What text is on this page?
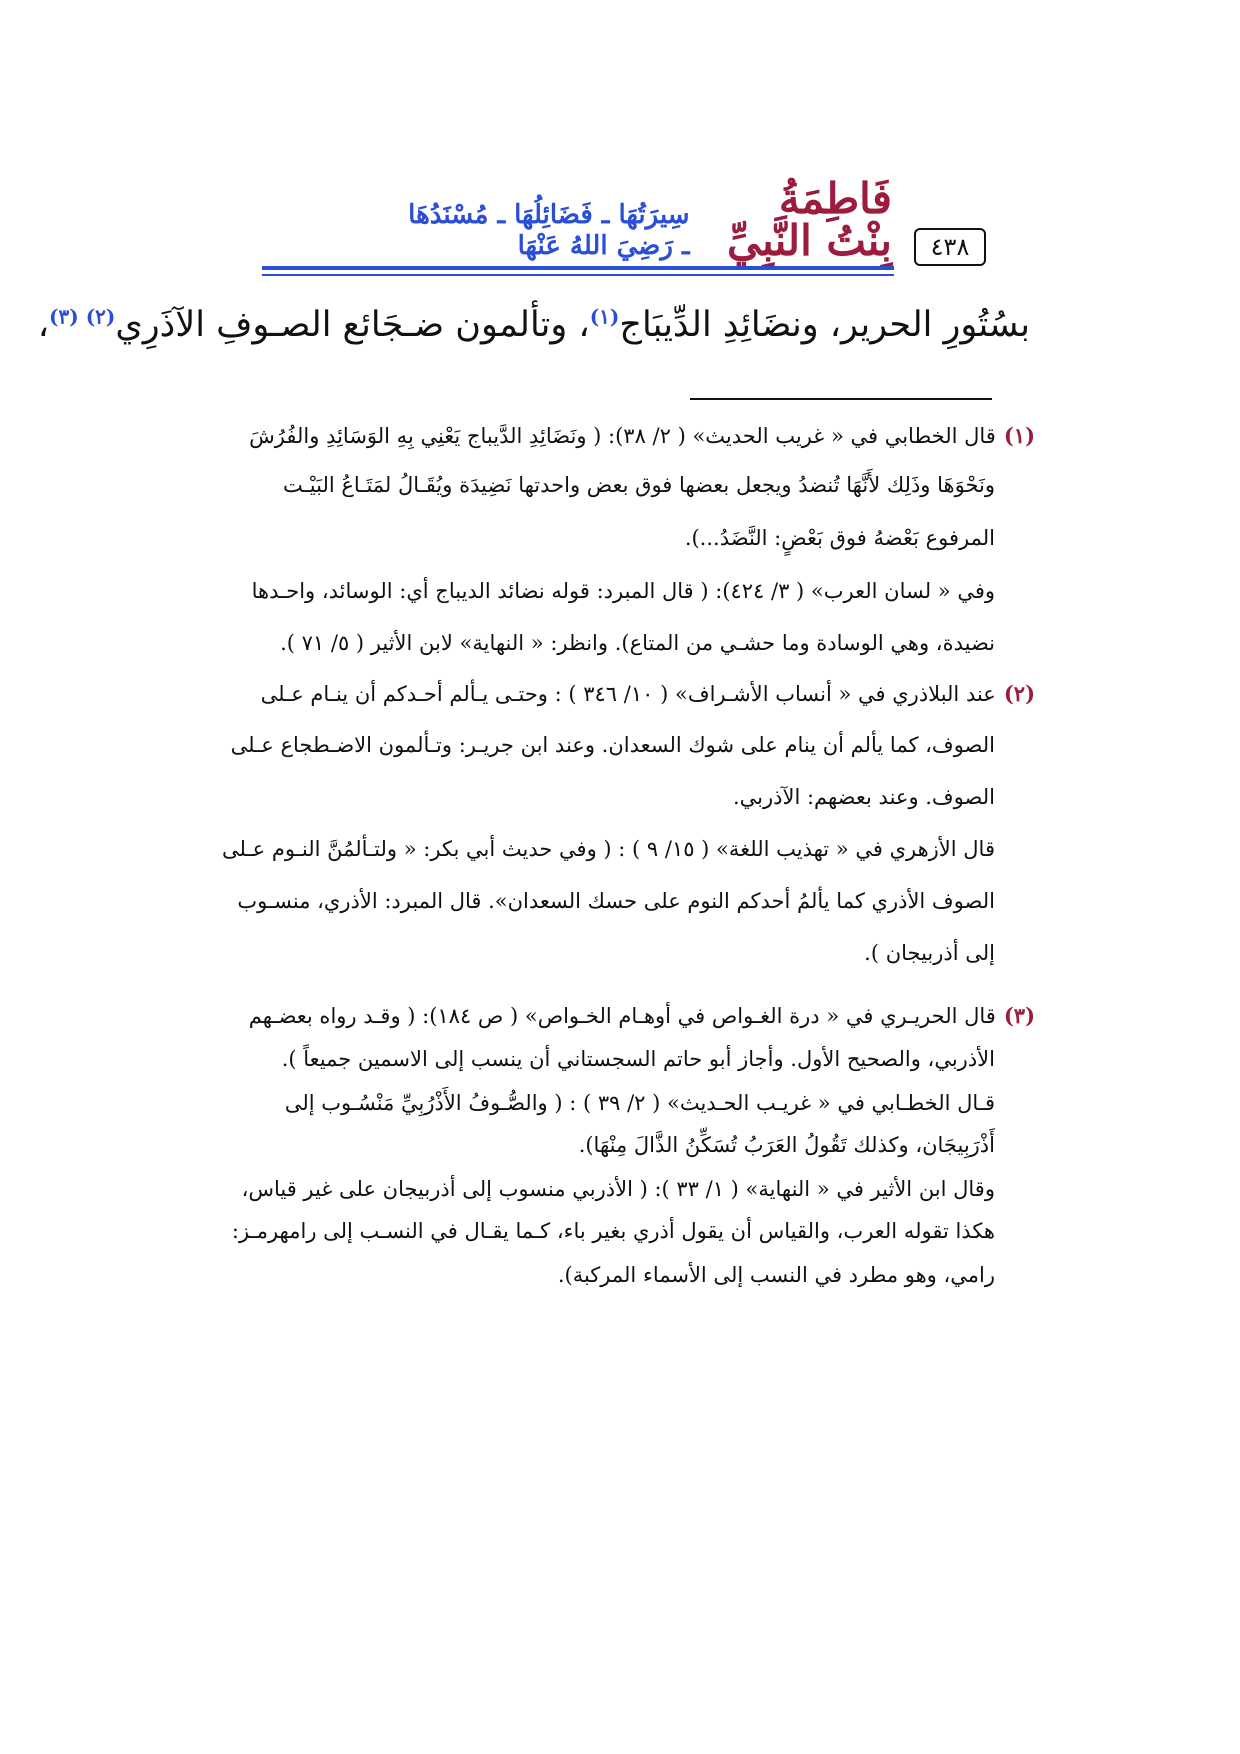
٤٣٨
فَاطِمَةُ بِنْتُ النَّبِيِّ
سِيرَتُهَا ـ فَضَائِلُهَا ـ مُسْنَدُهَا ـ رَضِيَ اللهُ عَنْهَا
بسُتُورِ الحرير، ونضَائِدِ الدِّيبَاج$^{(١)}$، وتألمون ضـجَائع الصـوفِ الآذَرِي$^{(٢) (٣)}$،
(١)قال الخطابي في « غريب الحديث» ( ٢/ ٣٨): ( ونَضَائِدِ الدَّيباج يَعْنِي بِهِ الوَسَائِدِ والفُرُشَ
ونَحْوَهَا وذَلِك لأَنَّهَا تُنضدُ ويجعل بعضها فوق بعض واحدتها نَضِيدَة ويُقَـالُ لمَتَـاعُ البَيْـت
المرفوع بَعْضهُ فوق بَعْضٍ: النَّضَدُ...).
وفي « لسان العرب» ( ٣/ ٤٢٤): ( قال المبرد: قوله نضائد الديباج أي: الوسائد، واحـدها
نضيدة، وهي الوسادة وما حشـي من المتاع). وانظر: « النهاية» لابن الأثير ( ٥/ ٧١ ).
(٢)عند البلاذري في « أنساب الأشـراف» ( ١٠/ ٣٤٦ ) : وحتـى يـألم أحـدكم أن ينـام عـلى
الصوف، كما يألم أن ينام على شوك السعدان. وعند ابن جريـر: وتـألمون الاضـطجاع عـلى
الصوف. وعند بعضهم: الآذربي.
قال الأزهري في « تهذيب اللغة» ( ١٥/ ٩ ) : ( وفي حديث أبي بكر: « ولتـألمُنَّ النـوم عـلى
الصوف الأذري كما يألمُ أحدكم النوم على حسك السعدان». قال المبرد: الأذري، منسـوب
إلى أذربيجان ).
(٣)قال الحريـري في « درة الغـواص في أوهـام الخـواص» ( ص ١٨٤): ( وقـد رواه بعضـهم
الأذربي، والصحيح الأول. وأجاز أبو حاتم السجستاني أن ينسب إلى الاسمين جميعاً ).
قـال الخطـابي في « غريـب الحـديث» ( ٢/ ٣٩ ) : ( والصُّـوفُ الأَذْرُبِيِّ مَنْسُـوب إلى
أَذْرَبِيجَان، وكذلك تَقُولُ العَرَبُ تُسَكِّنُ الذَّالَ مِنْهَا).
وقال ابن الأثير في « النهاية» ( ١/ ٣٣ ): ( الأذربي منسوب إلى أذربيجان على غير قياس،
هكذا تقوله العرب، والقياس أن يقول أذري بغير باء، كـما يقـال في النسـب إلى رامهرمـز:
رامي، وهو مطرد في النسب إلى الأسماء المركبة).
